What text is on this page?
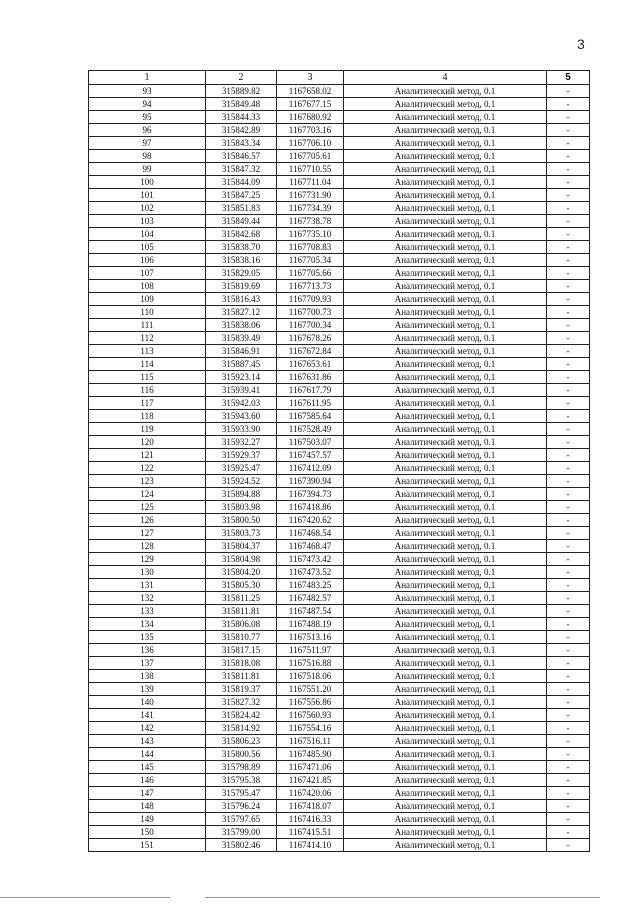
3
1	2	3	4	5
93	315889.82	1167658.02	Аналитический метод, 0.1	-
94	315849.48	1167677.15	Аналитический метод, 0.1	-
95	315844.33	1167680.92	Аналитический метод, 0.1	-
96	315842.89	1167703.16	Аналитический метод, 0.1	-
97	315843.34	1167706.10	Аналитический метод, 0.1	-
98	315846.57	1167705.61	Аналитический метод, 0.1	-
99	315847.32	1167710.55	Аналитический метод, 0.1	-
100	315844.09	1167711.04	Аналитический метод, 0.1	-
101	315847.25	1167731.90	Аналитический метод, 0.1	-
102	315851.83	1167734.39	Аналитический метод, 0.1	-
103	315849.44	1167738.78	Аналитический метод, 0.1	-
104	315842.68	1167735.10	Аналитический метод, 0.1	-
105	315838.70	1167708.83	Аналитический метод, 0.1	-
106	315838.16	1167705.34	Аналитический метод, 0.1	-
107	315829.05	1167705.66	Аналитический метод, 0.1	-
108	315819.69	1167713.73	Аналитический метод, 0.1	-
109	315816.43	1167709.93	Аналитический метод, 0.1	-
110	315827.12	1167700.73	Аналитический метод, 0.1	-
111	315838.06	1167700.34	Аналитический метод, 0.1	-
112	315839.49	1167678.26	Аналитический метод, 0.1	-
113	315846.91	1167672.84	Аналитический метод, 0.1	-
114	315887.45	1167653.61	Аналитический метод, 0.1	-
115	315923.14	1167631.86	Аналитический метод, 0.1	-
116	315939.41	1167617.79	Аналитический метод, 0.1	-
117	315942.03	1167611.95	Аналитический метод, 0.1	-
118	315943.60	1167585.64	Аналитический метод, 0.1	-
119	315933.90	1167528.49	Аналитический метод, 0.1	-
120	315932.27	1167503.07	Аналитический метод, 0.1	-
121	315929.37	1167457.57	Аналитический метод, 0.1	-
122	315925.47	1167412.09	Аналитический метод, 0.1	-
123	315924.52	1167390.94	Аналитический метод, 0.1	-
124	315894.88	1167394.73	Аналитический метод, 0.1	-
125	315803.98	1167418.86	Аналитический метод, 0.1	-
126	315800.50	1167420.62	Аналитический метод, 0.1	-
127	315803.73	1167468.54	Аналитический метод, 0.1	-
128	315804.37	1167468.47	Аналитический метод, 0.1	-
129	315804.98	1167473.42	Аналитический метод, 0.1	-
130	315804.20	1167473.52	Аналитический метод, 0.1	-
131	315805.30	1167483.25	Аналитический метод, 0.1	-
132	315811.25	1167482.57	Аналитический метод, 0.1	-
133	315811.81	1167487.54	Аналитический метод, 0.1	-
134	315806.08	1167488.19	Аналитический метод, 0.1	-
135	315810.77	1167513.16	Аналитический метод, 0.1	-
136	315817.15	1167511.97	Аналитический метод, 0.1	-
137	315818.08	1167516.88	Аналитический метод, 0.1	-
138	315811.81	1167518.06	Аналитический метод, 0.1	-
139	315819.37	1167551.20	Аналитический метод, 0.1	-
140	315827.32	1167556.86	Аналитический метод, 0.1	-
141	315824.42	1167560.93	Аналитический метод, 0.1	-
142	315814.92	1167554.16	Аналитический метод, 0.1	-
143	315806.23	1167516.11	Аналитический метод, 0.1	-
144	315800.56	1167485.90	Аналитический метод, 0.1	-
145	315798.89	1167471.06	Аналитический метод, 0.1	-
146	315795.38	1167421.85	Аналитический метод, 0.1	-
147	315795.47	1167420.06	Аналитический метод, 0.1	-
148	315796.24	1167418.07	Аналитический метод, 0.1	-
149	315797.65	1167416.33	Аналитический метод, 0.1	-
150	315799.00	1167415.51	Аналитический метод, 0.1	-
151	315802.46	1167414.10	Аналитический метод, 0.1	-
